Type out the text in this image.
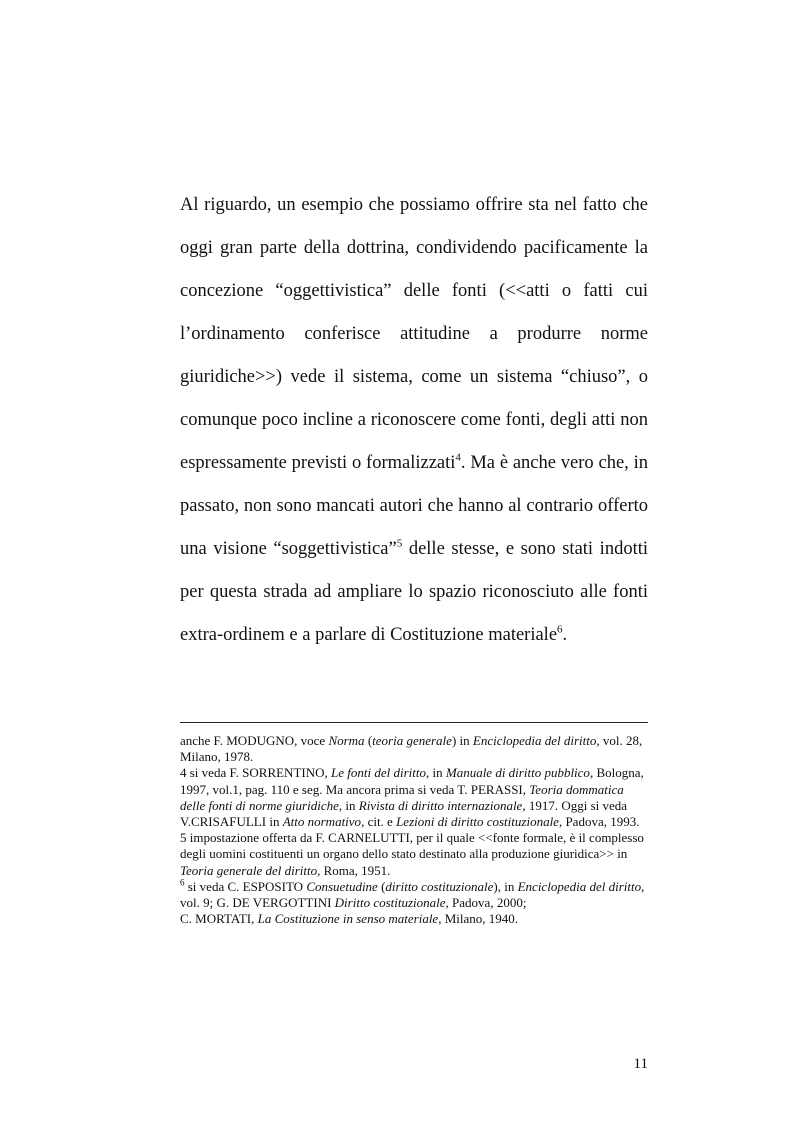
Al riguardo, un esempio che possiamo offrire sta nel fatto che oggi gran parte della dottrina, condividendo pacificamente la concezione “oggettivistica” delle fonti (<<atti o fatti cui l’ordinamento conferisce attitudine a produrre norme giuridiche>>) vede il sistema, come un sistema “chiuso”, o comunque poco incline a riconoscere come fonti, degli atti non espressamente previsti o formalizzati$^4$. Ma è anche vero che, in passato, non sono mancati autori che hanno al contrario offerto una visione “soggettivistica”$^5$ delle stesse, e sono stati indotti per questa strada ad ampliare lo spazio riconosciuto alle fonti extra-ordinem e a parlare di Costituzione materiale$^6$.

anche F. MODUGNO, voce Norma (teoria generale) in Enciclopedia del diritto, vol. 28, Milano, 1978.

4 si veda F. SORRENTINO, Le fonti del diritto, in Manuale di diritto pubblico, Bologna, 1997, vol.1, pag. 110 e seg. Ma ancora prima si veda T. PERASSI, Teoria dommatica delle fonti di norme giuridiche, in Rivista di diritto internazionale, 1917. Oggi si veda V.CRISAFULLI in Atto normativo, cit. e Lezioni di diritto costituzionale, Padova, 1993.

5 impostazione offerta da F. CARNELUTTI, per il quale <<fonte formale, è il complesso degli uomini costituenti un organo dello stato destinato alla produzione giuridica>> in Teoria generale del diritto, Roma, 1951.

$^6$ si veda C. ESPOSITO Consuetudine (diritto costituzionale), in Enciclopedia del diritto, vol. 9; G. DE VERGOTTINI Diritto costituzionale, Padova, 2000;

C. MORTATI, La Costituzione in senso materiale, Milano, 1940.

11
